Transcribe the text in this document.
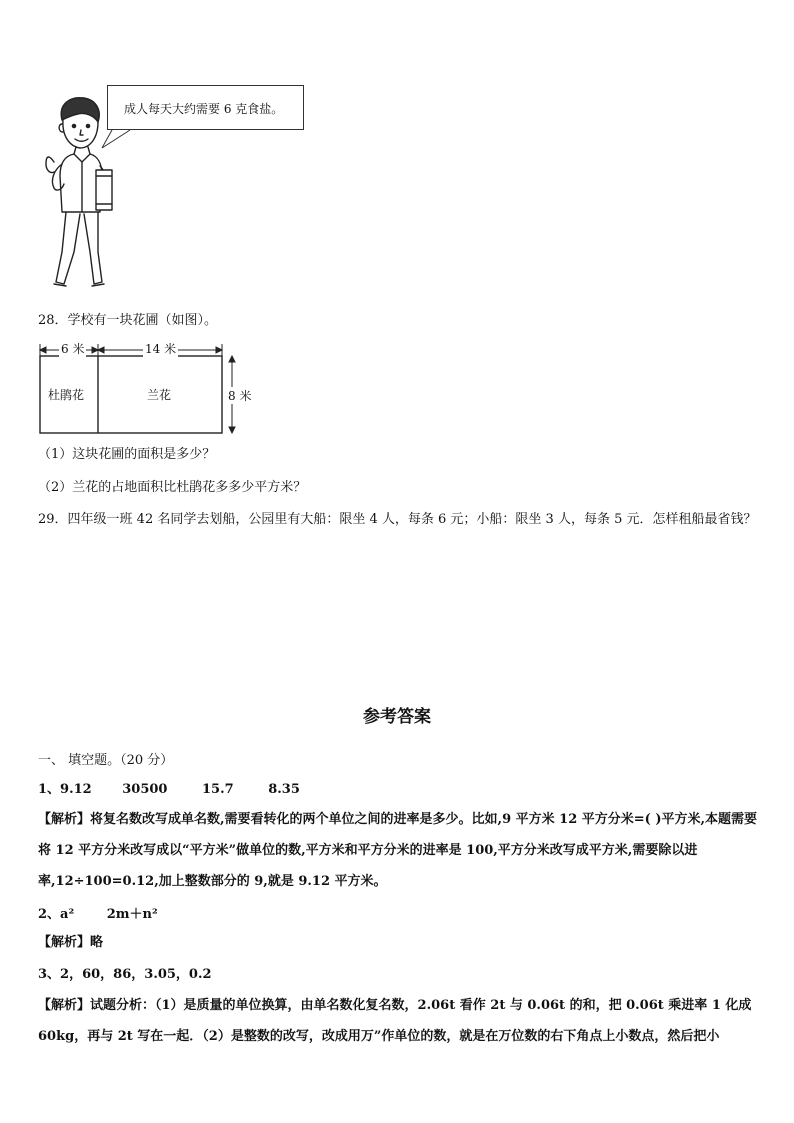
成人每天大约需要 6 克食盐。
28．学校有一块花圃（如图）。
6 米	14 米
8 米
杜鹃花	兰花
（1）这块花圃的面积是多少？
（2）兰花的占地面积比杜鹃花多多少平方米？
29．四年级一班 42 名同学去划船，公园里有大船：限坐 4 人，每条 6 元；小船：限坐 3 人，每条 5 元．怎样租船最省钱？
参考答案
一、 填空题。（20 分）
1、9.12 30500	15.7	8.35
【解析】将复名数改写成单名数,需要看转化的两个单位之间的进率是多少。比如,9 平方米 12 平方分米=( )平方米,本题需要将 12 平方分米改写成以“平方米”做单位的数,平方米和平方分米的进率是 100,平方分米改写成平方米,需要除以进率,12÷100=0.12,加上整数部分的 9,就是 9.12 平方米。
2、a²	2m＋n²
【解析】略
3、2，60，86，3.05，0.2
【解析】试题分析：（1）是质量的单位换算，由单名数化复名数，2.06t 看作 2t 与 0.06t 的和，把 0.06t 乘进率 1 化成 60kg，再与 2t 写在一起．（2）是整数的改写，改成用万”作单位的数，就是在万位数的右下角点上小数点，然后把小
